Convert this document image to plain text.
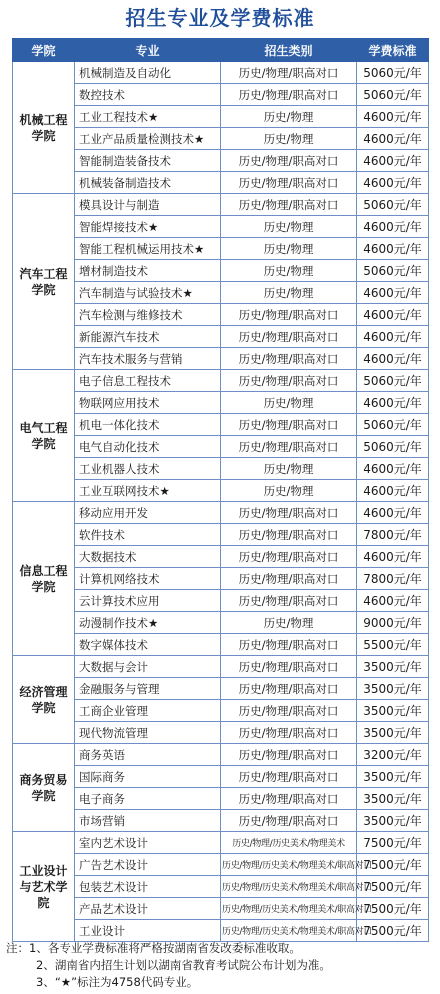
招生专业及学费标准
学院	专业	招生类别	学费标准
机械工程学院	机械制造及自动化	历史/物理/职高对口	5060元/年
	数控技术	历史/物理/职高对口	5060元/年
	工业工程技术★	历史/物理	4600元/年
	工业产品质量检测技术★	历史/物理	4600元/年
	智能制造装备技术	历史/物理/职高对口	4600元/年
	机械装备制造技术	历史/物理/职高对口	4600元/年
汽车工程学院	模具设计与制造	历史/物理/职高对口	5060元/年
	智能焊接技术★	历史/物理	4600元/年
	智能工程机械运用技术★	历史/物理	4600元/年
	增材制造技术	历史/物理	5060元/年
	汽车制造与试验技术★	历史/物理	4600元/年
	汽车检测与维修技术	历史/物理/职高对口	4600元/年
	新能源汽车技术	历史/物理/职高对口	4600元/年
	汽车技术服务与营销	历史/物理/职高对口	4600元/年
电气工程学院	电子信息工程技术	历史/物理/职高对口	5060元/年
	物联网应用技术	历史/物理	4600元/年
	机电一体化技术	历史/物理/职高对口	5060元/年
	电气自动化技术	历史/物理/职高对口	5060元/年
	工业机器人技术	历史/物理	4600元/年
	工业互联网技术★	历史/物理	4600元/年
信息工程学院	移动应用开发	历史/物理/职高对口	4600元/年
	软件技术	历史/物理/职高对口	7800元/年
	大数据技术	历史/物理/职高对口	4600元/年
	计算机网络技术	历史/物理/职高对口	7800元/年
	云计算技术应用	历史/物理/职高对口	4600元/年
	动漫制作技术★	历史/物理	9000元/年
	数字媒体技术	历史/物理/职高对口	5500元/年
经济管理学院	大数据与会计	历史/物理/职高对口	3500元/年
	金融服务与管理	历史/物理/职高对口	3500元/年
	工商企业管理	历史/物理/职高对口	3500元/年
	现代物流管理	历史/物理/职高对口	3500元/年
商务贸易学院	商务英语	历史/物理/职高对口	3200元/年
	国际商务	历史/物理/职高对口	3500元/年
	电子商务	历史/物理/职高对口	3500元/年
	市场营销	历史/物理/职高对口	3500元/年
工业设计与艺术学院	室内艺术设计	历史/物理/历史美术/物理美术	7500元/年
	广告艺术设计	历史/物理/历史美术/物理美术/职高对口	7500元/年
	包装艺术设计	历史/物理/历史美术/物理美术/职高对口	7500元/年
	产品艺术设计	历史/物理/历史美术/物理美术/职高对口	7500元/年
	工业设计	历史/物理/历史美术/物理美术/职高对口	7500元/年
注：1、各专业学费标准将严格按湖南省发改委标准收取。
2、湖南省内招生计划以湖南省教育考试院公布计划为准。
3、“★”标注为4758代码专业。
